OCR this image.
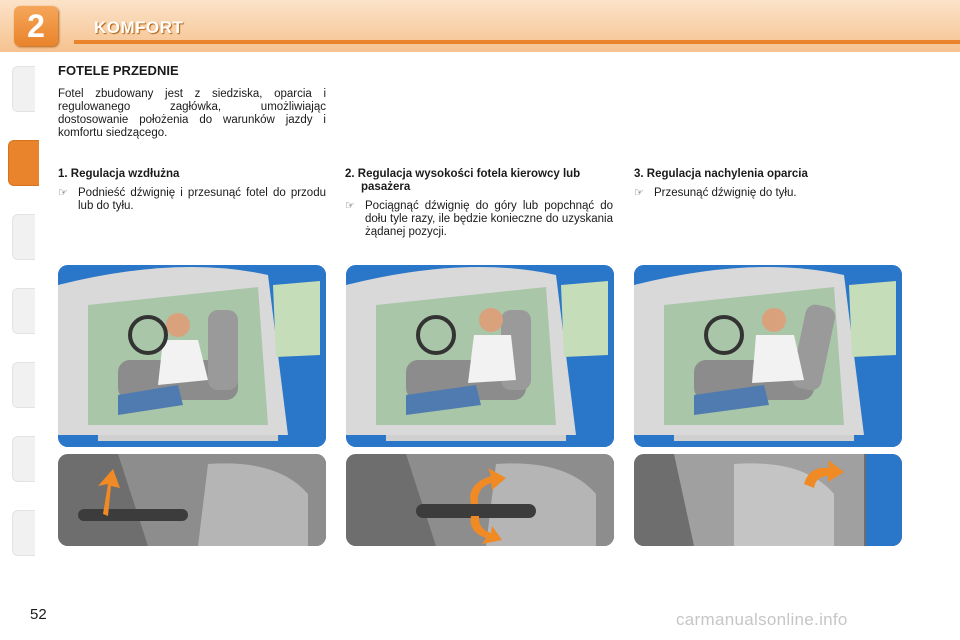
2	KOMFORT
FOTELE PRZEDNIE
Fotel zbudowany jest z siedziska, oparcia i regulowanego zagłówka, umożliwiając dostosowanie położenia do warunków jazdy i komfortu siedzącego.
1. Regulacja wzdłużna
☞ Podnieść dźwignię i przesunąć fotel do przodu lub do tyłu.
2. Regulacja wysokości fotela kierowcy lub pasażera
☞ Pociągnąć dźwignię do góry lub popchnąć do dołu tyle razy, ile będzie konieczne do uzyskania żądanej pozycji.
3. Regulacja nachylenia oparcia
☞ Przesunąć dźwignię do tyłu.
52	carmanualsonline.info
